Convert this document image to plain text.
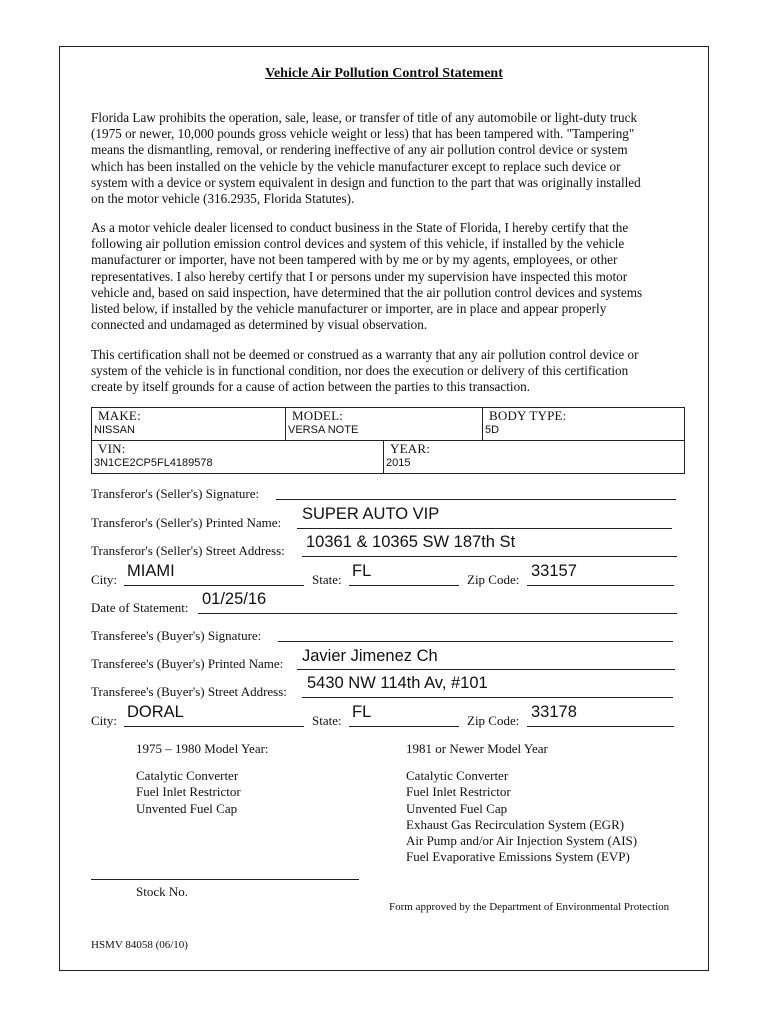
Vehicle Air Pollution Control Statement
Florida Law prohibits the operation, sale, lease, or transfer of title of any automobile or light-duty truck
(1975 or newer, 10,000 pounds gross vehicle weight or less) that has been tampered with. "Tampering"
means the dismantling, removal, or rendering ineffective of any air pollution control device or system
which has been installed on the vehicle by the vehicle manufacturer except to replace such device or
system with a device or system equivalent in design and function to the part that was originally installed
on the motor vehicle (316.2935, Florida Statutes).
As a motor vehicle dealer licensed to conduct business in the State of Florida, I hereby certify that the
following air pollution emission control devices and system of this vehicle, if installed by the vehicle
manufacturer or importer, have not been tampered with by me or by my agents, employees, or other
representatives. I also hereby certify that I or persons under my supervision have inspected this motor
vehicle and, based on said inspection, have determined that the air pollution control devices and systems
listed below, if installed by the vehicle manufacturer or importer, are in place and appear properly
connected and undamaged as determined by visual observation.
This certification shall not be deemed or construed as a warranty that any air pollution control device or
system of the vehicle is in functional condition, nor does the execution or delivery of this certification
create by itself grounds for a cause of action between the parties to this transaction.
MAKE:
NISSAN
MODEL:
VERSA NOTE
BODY TYPE:
5D
VIN:
3N1CE2CP5FL4189578
YEAR:
2015
Transferor's (Seller's) Signature:
Transferor's (Seller's) Printed Name: SUPER AUTO VIP
Transferor's (Seller's) Street Address: 10361 & 10365 SW 187th St
City: MIAMI	State: FL	Zip Code: 33157
Date of Statement: 01/25/16
Transferee's (Buyer's) Signature:
Transferee's (Buyer's) Printed Name: Javier Jimenez Ch
Transferee's (Buyer's) Street Address: 5430 NW 114th Av, #101
City: DORAL	State: FL	Zip Code: 33178
1975 – 1980 Model Year:
Catalytic Converter
Fuel Inlet Restrictor
Unvented Fuel Cap
1981 or Newer Model Year
Catalytic Converter
Fuel Inlet Restrictor
Unvented Fuel Cap
Exhaust Gas Recirculation System (EGR)
Air Pump and/or Air Injection System (AIS)
Fuel Evaporative Emissions System (EVP)
Stock No.
Form approved by the Department of Environmental Protection
HSMV 84058 (06/10)
